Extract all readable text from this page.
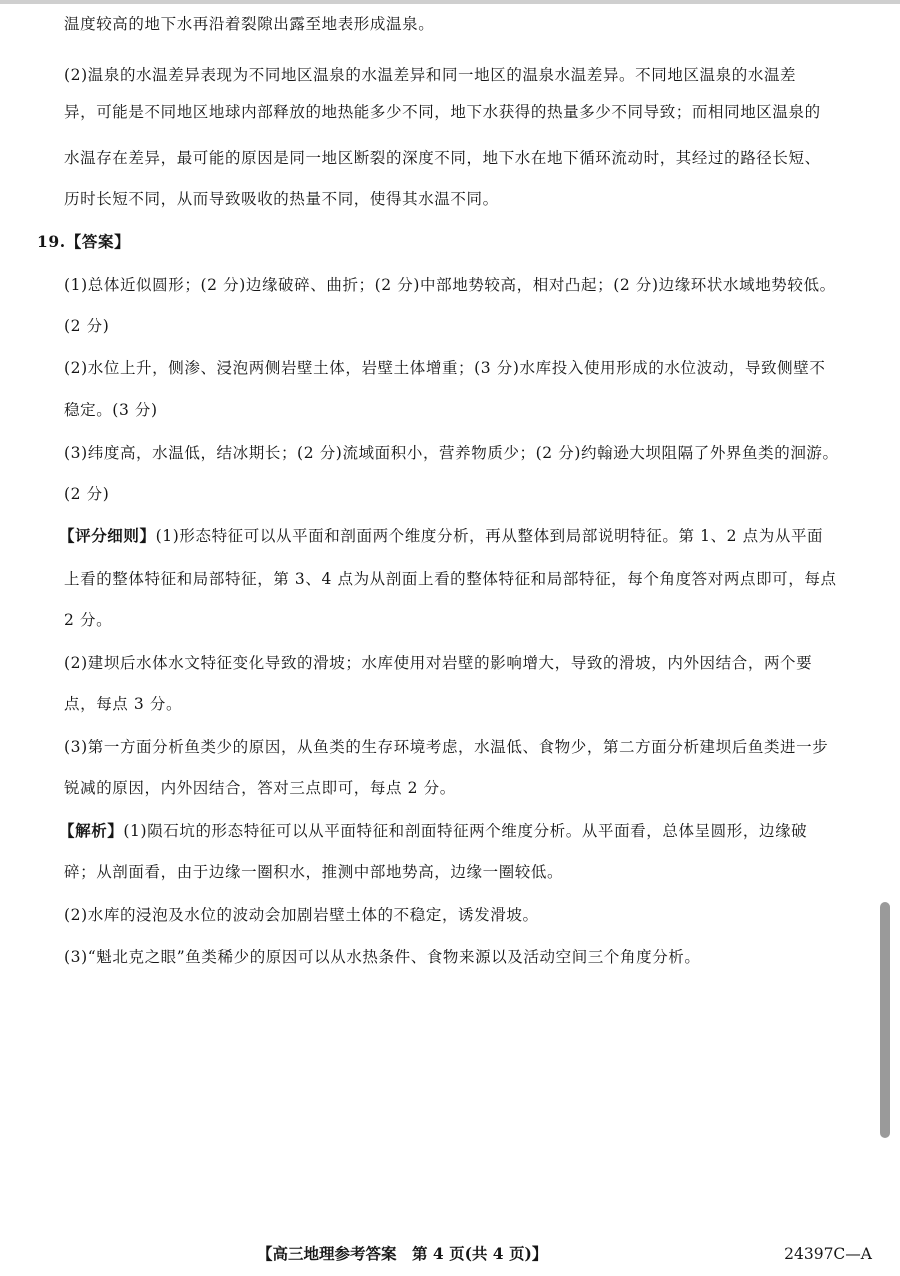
温度较高的地下水再沿着裂隙出露至地表形成温泉。
(2)温泉的水温差异表现为不同地区温泉的水温差异和同一地区的温泉水温差异。不同地区温泉的水温差
异，可能是不同地区地球内部释放的地热能多少不同，地下水获得的热量多少不同导致；而相同地区温泉的
水温存在差异，最可能的原因是同一地区断裂的深度不同，地下水在地下循环流动时，其经过的路径长短、
历时长短不同，从而导致吸收的热量不同，使得其水温不同。
19.【答案】
(1)总体近似圆形；(2 分)边缘破碎、曲折；(2 分)中部地势较高，相对凸起；(2 分)边缘环状水域地势较低。
(2 分)
(2)水位上升，侧渗、浸泡两侧岩壁土体，岩壁土体增重；(3 分)水库投入使用形成的水位波动，导致侧壁不
稳定。(3 分)
(3)纬度高，水温低，结冰期长；(2 分)流域面积小，营养物质少；(2 分)约翰逊大坝阻隔了外界鱼类的洄游。
(2 分)
【评分细则】(1)形态特征可以从平面和剖面两个维度分析，再从整体到局部说明特征。第 1、2 点为从平面
上看的整体特征和局部特征，第 3、4 点为从剖面上看的整体特征和局部特征，每个角度答对两点即可，每点
2 分。
(2)建坝后水体水文特征变化导致的滑坡；水库使用对岩壁的影响增大，导致的滑坡，内外因结合，两个要
点，每点 3 分。
(3)第一方面分析鱼类少的原因，从鱼类的生存环境考虑，水温低、食物少，第二方面分析建坝后鱼类进一步
锐减的原因，内外因结合，答对三点即可，每点 2 分。
【解析】(1)陨石坑的形态特征可以从平面特征和剖面特征两个维度分析。从平面看，总体呈圆形，边缘破
碎；从剖面看，由于边缘一圈积水，推测中部地势高，边缘一圈较低。
(2)水库的浸泡及水位的波动会加剧岩壁土体的不稳定，诱发滑坡。
(3)“魁北克之眼”鱼类稀少的原因可以从水热条件、食物来源以及活动空间三个角度分析。
【高三地理参考答案　第 4 页(共 4 页)】	24397C—A
